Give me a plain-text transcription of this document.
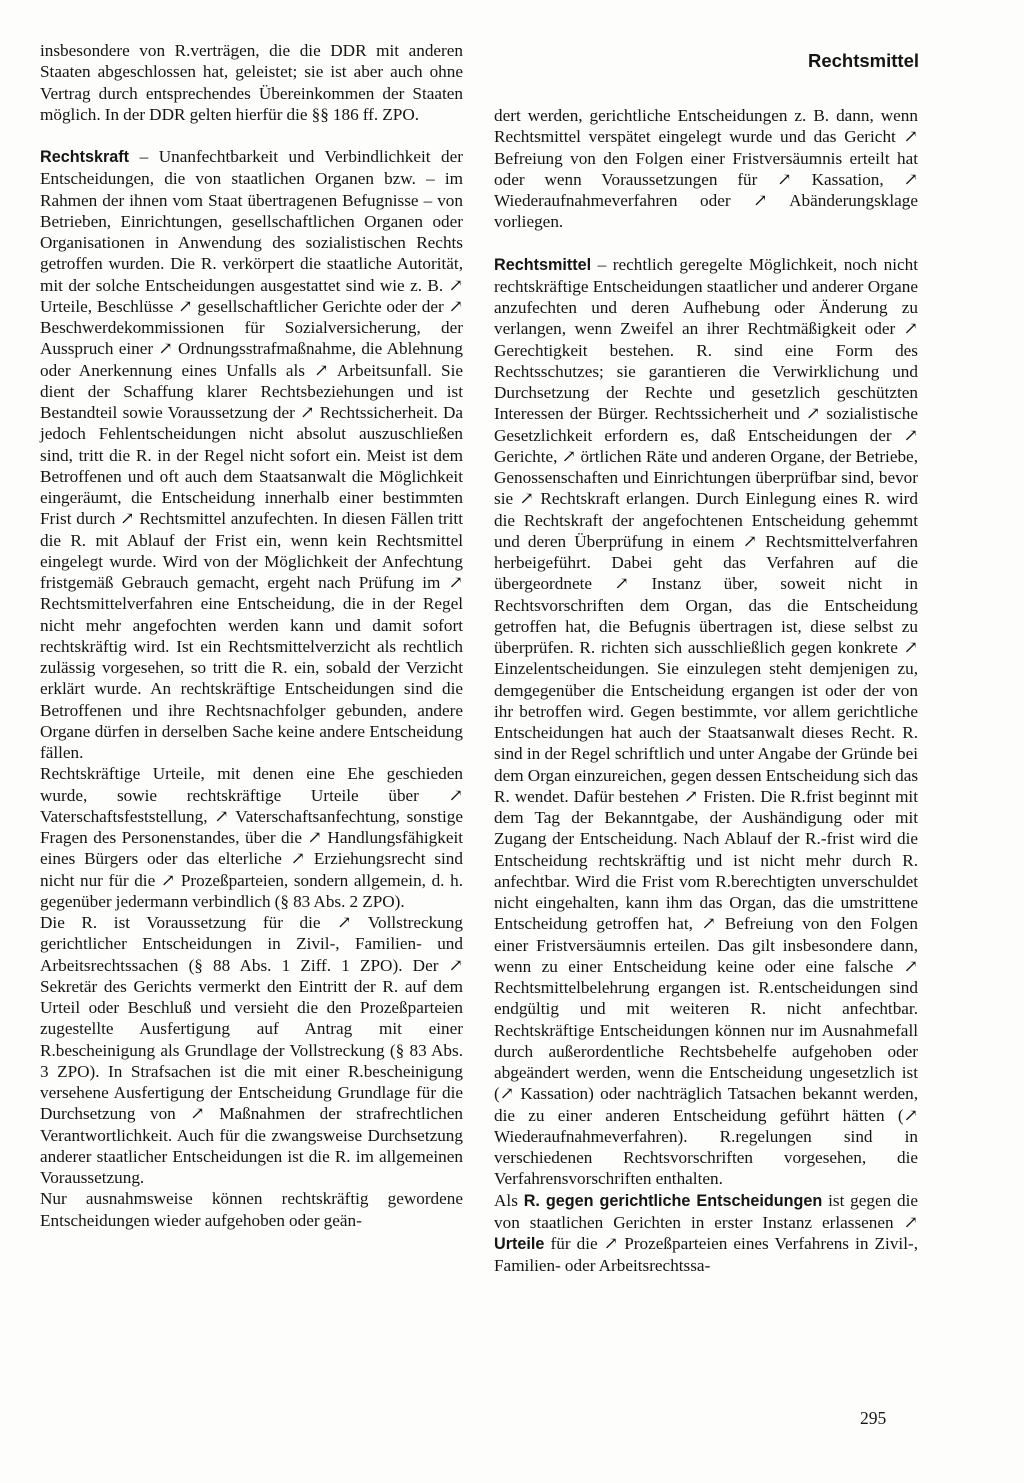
Rechtsmittel

insbesondere von R.verträgen, die die DDR mit anderen Staaten abgeschlossen hat, geleistet; sie ist aber auch ohne Vertrag durch entsprechendes Übereinkommen der Staaten möglich. In der DDR gelten hierfür die §§ 186 ff. ZPO.

Rechtskraft – Unanfechtbarkeit und Verbindlichkeit der Entscheidungen, die von staatlichen Organen bzw. – im Rahmen der ihnen vom Staat übertragenen Befugnisse – von Betrieben, Einrichtungen, gesellschaftlichen Organen oder Organisationen in Anwendung des sozialistischen Rechts getroffen wurden. Die R. verkörpert die staatliche Autorität, mit der solche Entscheidungen ausgestattet sind wie z. B. ↗ Urteile, Beschlüsse ↗ gesellschaftlicher Gerichte oder der ↗ Beschwerdekommissionen für Sozialversicherung, der Ausspruch einer ↗ Ordnungsstrafmaßnahme, die Ablehnung oder Anerkennung eines Unfalls als ↗ Arbeitsunfall. Sie dient der Schaffung klarer Rechtsbeziehungen und ist Bestandteil sowie Voraussetzung der ↗ Rechtssicherheit. Da jedoch Fehlentscheidungen nicht absolut auszuschließen sind, tritt die R. in der Regel nicht sofort ein. Meist ist dem Betroffenen und oft auch dem Staatsanwalt die Möglichkeit eingeräumt, die Entscheidung innerhalb einer bestimmten Frist durch ↗ Rechtsmittel anzufechten. In diesen Fällen tritt die R. mit Ablauf der Frist ein, wenn kein Rechtsmittel eingelegt wurde. Wird von der Möglichkeit der Anfechtung fristgemäß Gebrauch gemacht, ergeht nach Prüfung im ↗ Rechtsmittelverfahren eine Entscheidung, die in der Regel nicht mehr angefochten werden kann und damit sofort rechtskräftig wird. Ist ein Rechtsmittelverzicht als rechtlich zulässig vorgesehen, so tritt die R. ein, sobald der Verzicht erklärt wurde. An rechtskräftige Entscheidungen sind die Betroffenen und ihre Rechtsnachfolger gebunden, andere Organe dürfen in derselben Sache keine andere Entscheidung fällen.

Rechtskräftige Urteile, mit denen eine Ehe geschieden wurde, sowie rechtskräftige Urteile über ↗ Vaterschaftsfeststellung, ↗ Vaterschaftsanfechtung, sonstige Fragen des Personenstandes, über die ↗ Handlungsfähigkeit eines Bürgers oder das elterliche ↗ Erziehungsrecht sind nicht nur für die ↗ Prozeßparteien, sondern allgemein, d. h. gegenüber jedermann verbindlich (§ 83 Abs. 2 ZPO).

Die R. ist Voraussetzung für die ↗ Vollstreckung gerichtlicher Entscheidungen in Zivil-, Familien- und Arbeitsrechtssachen (§ 88 Abs. 1 Ziff. 1 ZPO). Der ↗ Sekretär des Gerichts vermerkt den Eintritt der R. auf dem Urteil oder Beschluß und versieht die den Prozeßparteien zugestellte Ausfertigung auf Antrag mit einer R.bescheinigung als Grundlage der Vollstreckung (§ 83 Abs. 3 ZPO). In Strafsachen ist die mit einer R.bescheinigung versehene Ausfertigung der Entscheidung Grundlage für die Durchsetzung von ↗ Maßnahmen der strafrechtlichen Verantwortlichkeit. Auch für die zwangsweise Durchsetzung anderer staatlicher Entscheidungen ist die R. im allgemeinen Voraussetzung.

Nur ausnahmsweise können rechtskräftig gewordene Entscheidungen wieder aufgehoben oder geän-

dert werden, gerichtliche Entscheidungen z. B. dann, wenn Rechtsmittel verspätet eingelegt wurde und das Gericht ↗ Befreiung von den Folgen einer Fristversäumnis erteilt hat oder wenn Voraussetzungen für ↗ Kassation, ↗ Wiederaufnahmeverfahren oder ↗ Abänderungsklage vorliegen.

Rechtsmittel – rechtlich geregelte Möglichkeit, noch nicht rechtskräftige Entscheidungen staatlicher und anderer Organe anzufechten und deren Aufhebung oder Änderung zu verlangen, wenn Zweifel an ihrer Rechtmäßigkeit oder ↗ Gerechtigkeit bestehen. R. sind eine Form des Rechtsschutzes; sie garantieren die Verwirklichung und Durchsetzung der Rechte und gesetzlich geschützten Interessen der Bürger. Rechtssicherheit und ↗ sozialistische Gesetzlichkeit erfordern es, daß Entscheidungen der ↗ Gerichte, ↗ örtlichen Räte und anderen Organe, der Betriebe, Genossenschaften und Einrichtungen überprüfbar sind, bevor sie ↗ Rechtskraft erlangen. Durch Einlegung eines R. wird die Rechtskraft der angefochtenen Entscheidung gehemmt und deren Überprüfung in einem ↗ Rechtsmittelverfahren herbeigeführt. Dabei geht das Verfahren auf die übergeordnete ↗ Instanz über, soweit nicht in Rechtsvorschriften dem Organ, das die Entscheidung getroffen hat, die Befugnis übertragen ist, diese selbst zu überprüfen. R. richten sich ausschließlich gegen konkrete ↗ Einzelentscheidungen. Sie einzulegen steht demjenigen zu, demgegenüber die Entscheidung ergangen ist oder der von ihr betroffen wird. Gegen bestimmte, vor allem gerichtliche Entscheidungen hat auch der Staatsanwalt dieses Recht. R. sind in der Regel schriftlich und unter Angabe der Gründe bei dem Organ einzureichen, gegen dessen Entscheidung sich das R. wendet. Dafür bestehen ↗ Fristen. Die R.frist beginnt mit dem Tag der Bekanntgabe, der Aushändigung oder mit Zugang der Entscheidung. Nach Ablauf der R.-frist wird die Entscheidung rechtskräftig und ist nicht mehr durch R. anfechtbar. Wird die Frist vom R.berechtigten unverschuldet nicht eingehalten, kann ihm das Organ, das die umstrittene Entscheidung getroffen hat, ↗ Befreiung von den Folgen einer Fristversäumnis erteilen. Das gilt insbesondere dann, wenn zu einer Entscheidung keine oder eine falsche ↗ Rechtsmittelbelehrung ergangen ist. R.entscheidungen sind endgültig und mit weiteren R. nicht anfechtbar. Rechtskräftige Entscheidungen können nur im Ausnahmefall durch außerordentliche Rechtsbehelfe aufgehoben oder abgeändert werden, wenn die Entscheidung ungesetzlich ist (↗ Kassation) oder nachträglich Tatsachen bekannt werden, die zu einer anderen Entscheidung geführt hätten (↗ Wiederaufnahmeverfahren). R.regelungen sind in verschiedenen Rechtsvorschriften vorgesehen, die Verfahrensvorschriften enthalten.

Als R. gegen gerichtliche Entscheidungen ist gegen die von staatlichen Gerichten in erster Instanz erlassenen ↗ Urteile für die ↗ Prozeßparteien eines Verfahrens in Zivil-, Familien- oder Arbeitsrechtssa-

295
